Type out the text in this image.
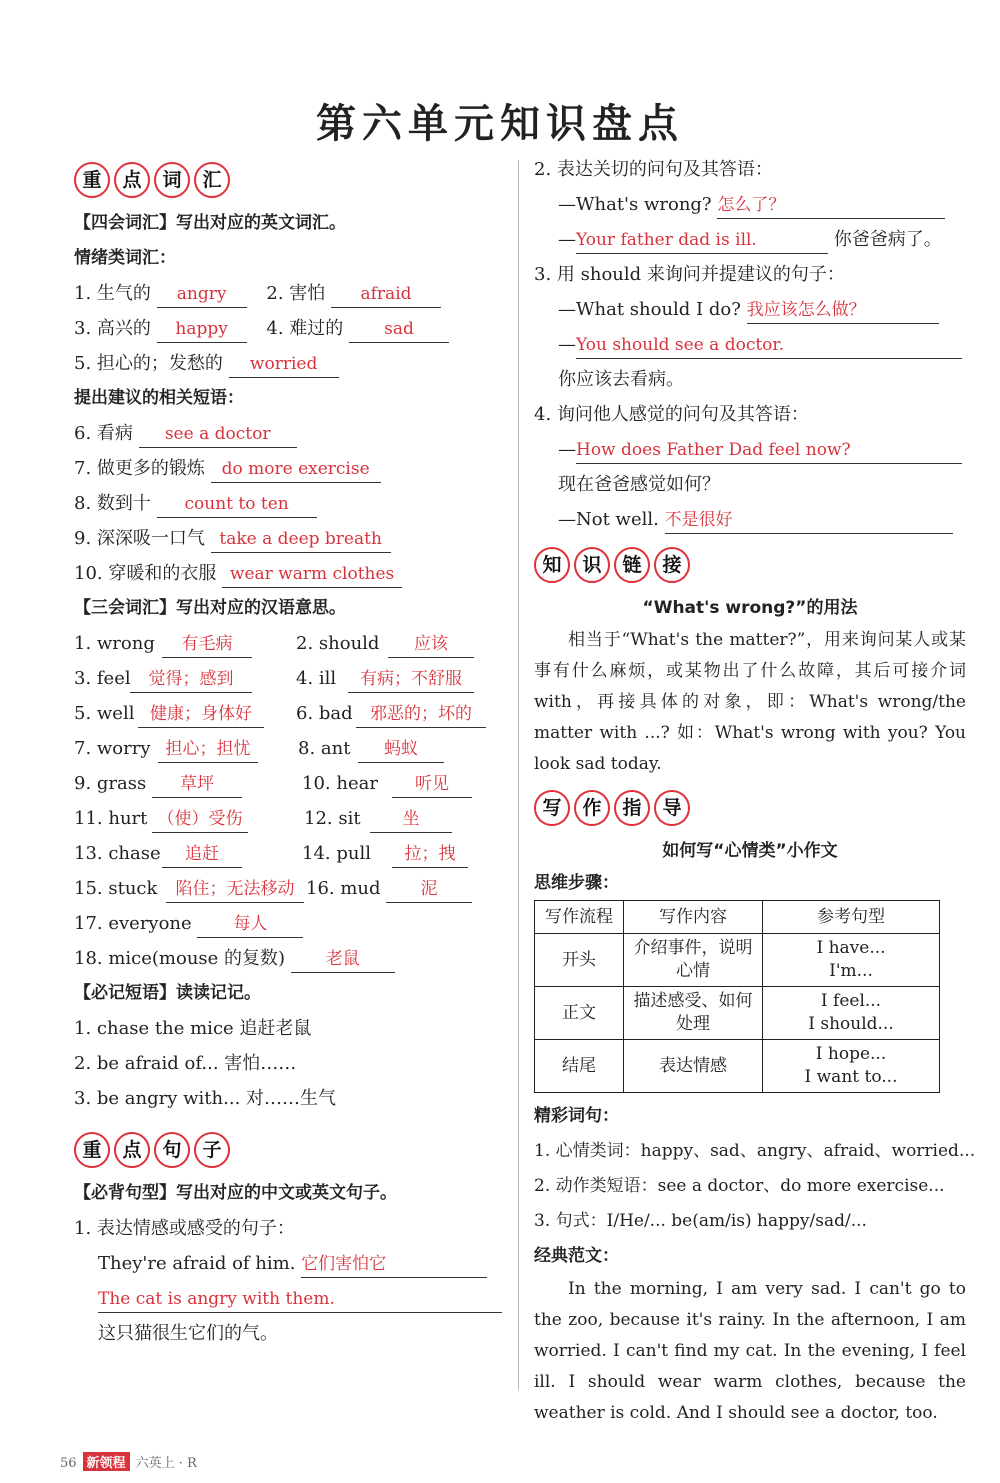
第六单元知识盘点
重	点	词	汇
【四会词汇】写出对应的英文词汇。
情绪类词汇：
1. 生气的 angry 2. 害怕 afraid
3. 高兴的 happy 4. 难过的 sad
5. 担心的；发愁的 worried
提出建议的相关短语：
6. 看病 see a doctor
7. 做更多的锻炼 do more exercise
8. 数到十 count to ten
9. 深深吸一口气 take a deep breath
10. 穿暖和的衣服 wear warm clothes
【三会词汇】写出对应的汉语意思。
1. wrong 有毛病	2. should 应该
3. feel 觉得；感到	4. ill 有病；不舒服
5. well 健康；身体好 6. bad 邪恶的；坏的
7. worry 担心；担忧	8. ant 蚂蚁
9. grass 草坪	10. hear 听见
11. hurt （使）受伤	12. sit 坐
13. chase 追赶	14. pull 拉；拽
15. stuck 陷住；无法移动 16. mud 泥
17. everyone 每人
18. mice(mouse 的复数) 老鼠
【必记短语】读读记记。
1. chase the mice 追赶老鼠
2. be afraid of... 害怕……
3. be angry with... 对……生气
重	点	句	子
【必背句型】写出对应的中文或英文句子。
1. 表达情感或感受的句子：
They're afraid of him. 它们害怕它
The cat is angry with them.
这只猫很生它们的气。
2. 表达关切的问句及其答语：
—What's wrong? 怎么了？
—Your father dad is ill.	你爸爸病了。
3. 用 should 来询问并提建议的句子：
—What should I do? 我应该怎么做？
—You should see a doctor.
你应该去看病。
4. 询问他人感觉的问句及其答语：
—How does Father Dad feel now?
现在爸爸感觉如何？
—Not well. 不是很好
知	识	链	接
“What's wrong?”的用法
相当于“What's the matter?”，用来询问某人或某事有什么麻烦，或某物出了什么故障，其后可接介词 with，再接具体的对象，即：What's wrong/the matter with ...? 如：What's wrong with you? You look sad today.
写	作	指	导
如何写“心情类”小作文
思维步骤：
写作流程	写作内容	参考句型
开头	介绍事件，说明心情	I have...
I'm...

正文	描述感受、如何处理	I feel...
I should...

结尾	表达情感	I hope...
I want to...
精彩词句：
1. 心情类词：happy、sad、angry、afraid、worried...
2. 动作类短语：see a doctor、do more exercise...
3. 句式：I/He/... be(am/is) happy/sad/...
经典范文：
In the morning, I am very sad. I can't go to the zoo, because it's rainy. In the afternoon, I am worried. I can't find my cat. In the evening, I feel ill. I should wear warm clothes, because the weather is cold. And I should see a doctor, too.
56 新领程 六英上 · R
